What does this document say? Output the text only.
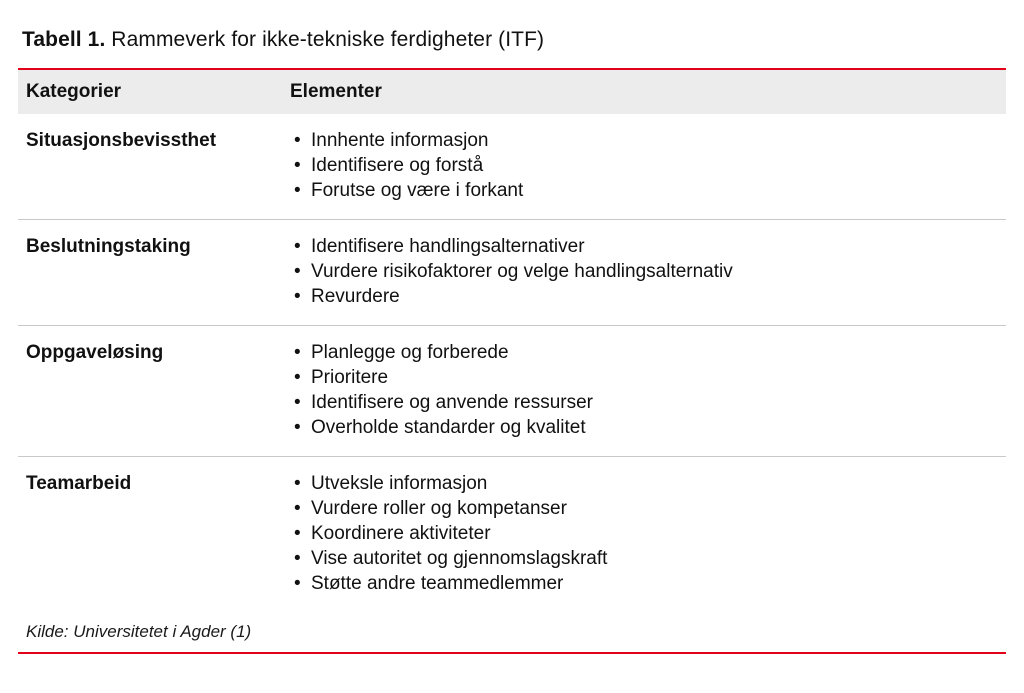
Tabell 1. Rammeverk for ikke-tekniske ferdigheter (ITF)
Kategorier	Elementer
Situasjonsbevissthet	
•Innhente informasjon
• Identifisere og forstå
• Forutse og være i forkant

Beslutningstaking	
•Identifisere handlingsalternativer
• Vurdere risikofaktorer og velge handlingsalternativ
• Revurdere

Oppgaveløsing	
•Planlegge og forberede
• Prioritere
• Identifisere og anvende ressurser
• Overholde standarder og kvalitet

Teamarbeid	
•Utveksle informasjon
• Vurdere roller og kompetanser
• Koordinere aktiviteter
• Vise autoritet og gjennomslagskraft
• Støtte andre teammedlemmer
Kilde: Universitetet i Agder (1)
